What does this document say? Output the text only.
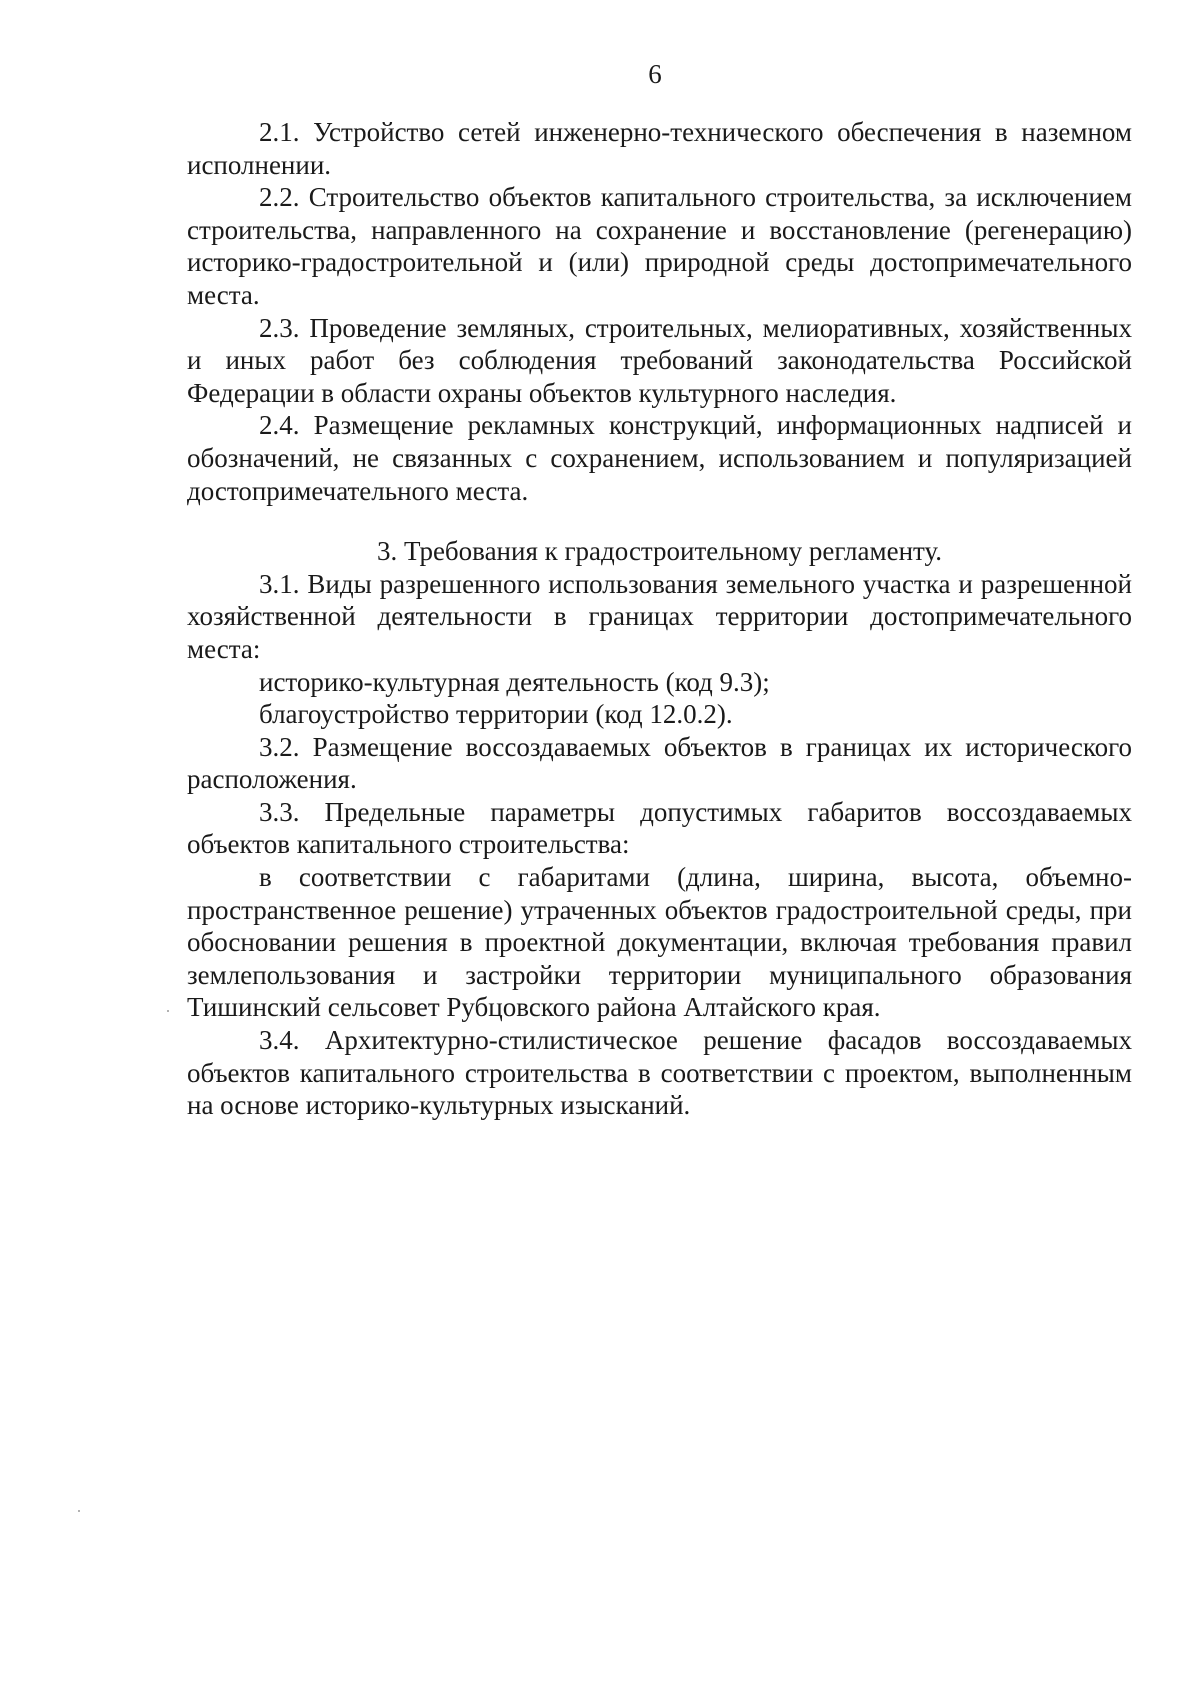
6

2.1. Устройство сетей инженерно-технического обеспечения в наземном исполнении.

2.2. Строительство объектов капитального строительства, за исключением строительства, направленного на сохранение и восстановление (регенерацию) историко-градостроительной и (или) природной среды достопримечательного места.

2.3. Проведение земляных, строительных, мелиоративных, хозяйственных и иных работ без соблюдения требований законодательства Российской Федерации в области охраны объектов культурного наследия.

2.4. Размещение рекламных конструкций, информационных надписей и обозначений, не связанных с сохранением, использованием и популяризацией достопримечательного места.

3. Требования к градостроительному регламенту.

3.1. Виды разрешенного использования земельного участка и разрешенной хозяйственной деятельности в границах территории достопримечательного места:

историко-культурная деятельность (код 9.3);

благоустройство территории (код 12.0.2).

3.2. Размещение воссоздаваемых объектов в границах их исторического расположения.

3.3. Предельные параметры допустимых габаритов воссоздаваемых объектов капитального строительства:

в соответствии с габаритами (длина, ширина, высота, объемно-пространственное решение) утраченных объектов градостроительной среды, при обосновании решения в проектной документации, включая требования правил землепользования и застройки территории муниципального образования Тишинский сельсовет Рубцовского района Алтайского края.

3.4. Архитектурно-стилистическое решение фасадов воссоздаваемых объектов капитального строительства в соответствии с проектом, выполненным на основе историко-культурных изысканий.
